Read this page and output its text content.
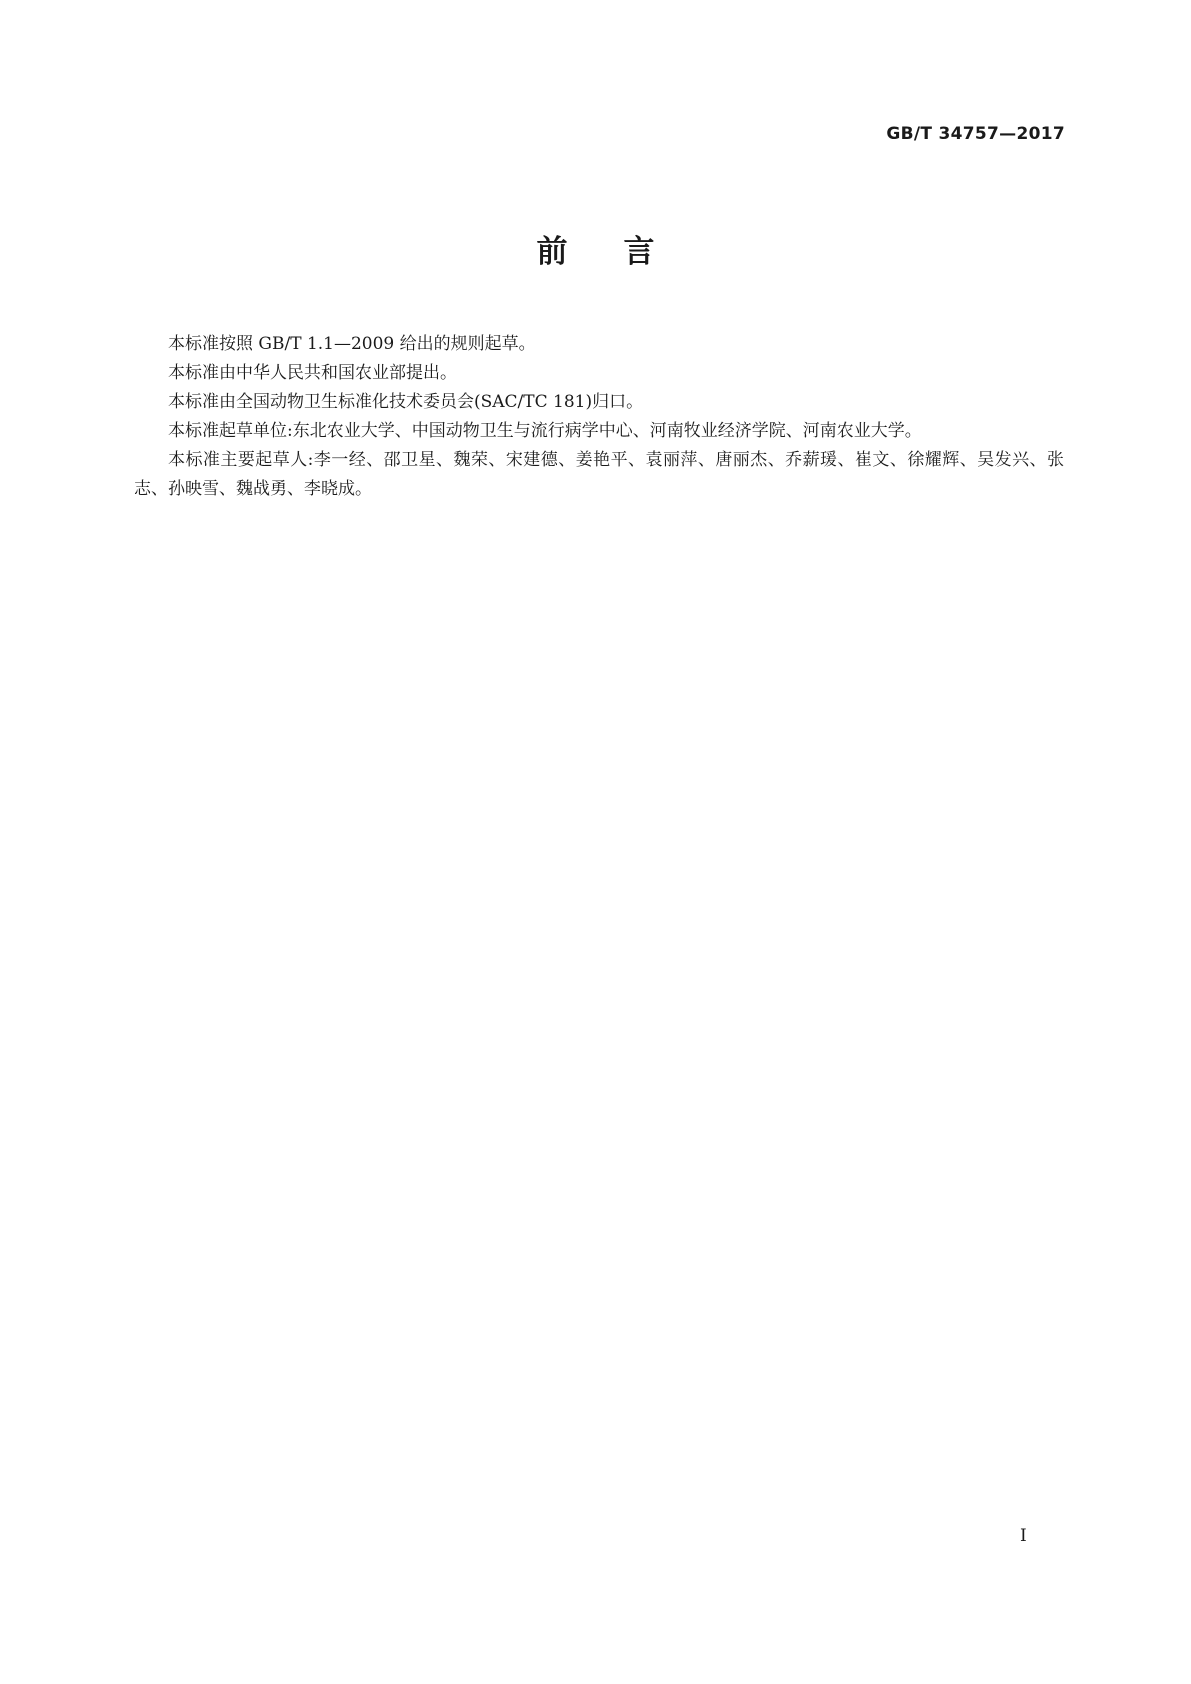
GB/T 34757—2017
前 言

本标准按照 GB/T 1.1—2009 给出的规则起草。

本标准由中华人民共和国农业部提出。

本标准由全国动物卫生标准化技术委员会(SAC/TC 181)归口。

本标准起草单位:东北农业大学、中国动物卫生与流行病学中心、河南牧业经济学院、河南农业大学。

本标准主要起草人:李一经、邵卫星、魏荣、宋建德、姜艳平、袁丽萍、唐丽杰、乔薪瑗、崔文、徐耀辉、吴发兴、张志、孙映雪、魏战勇、李晓成。

I
